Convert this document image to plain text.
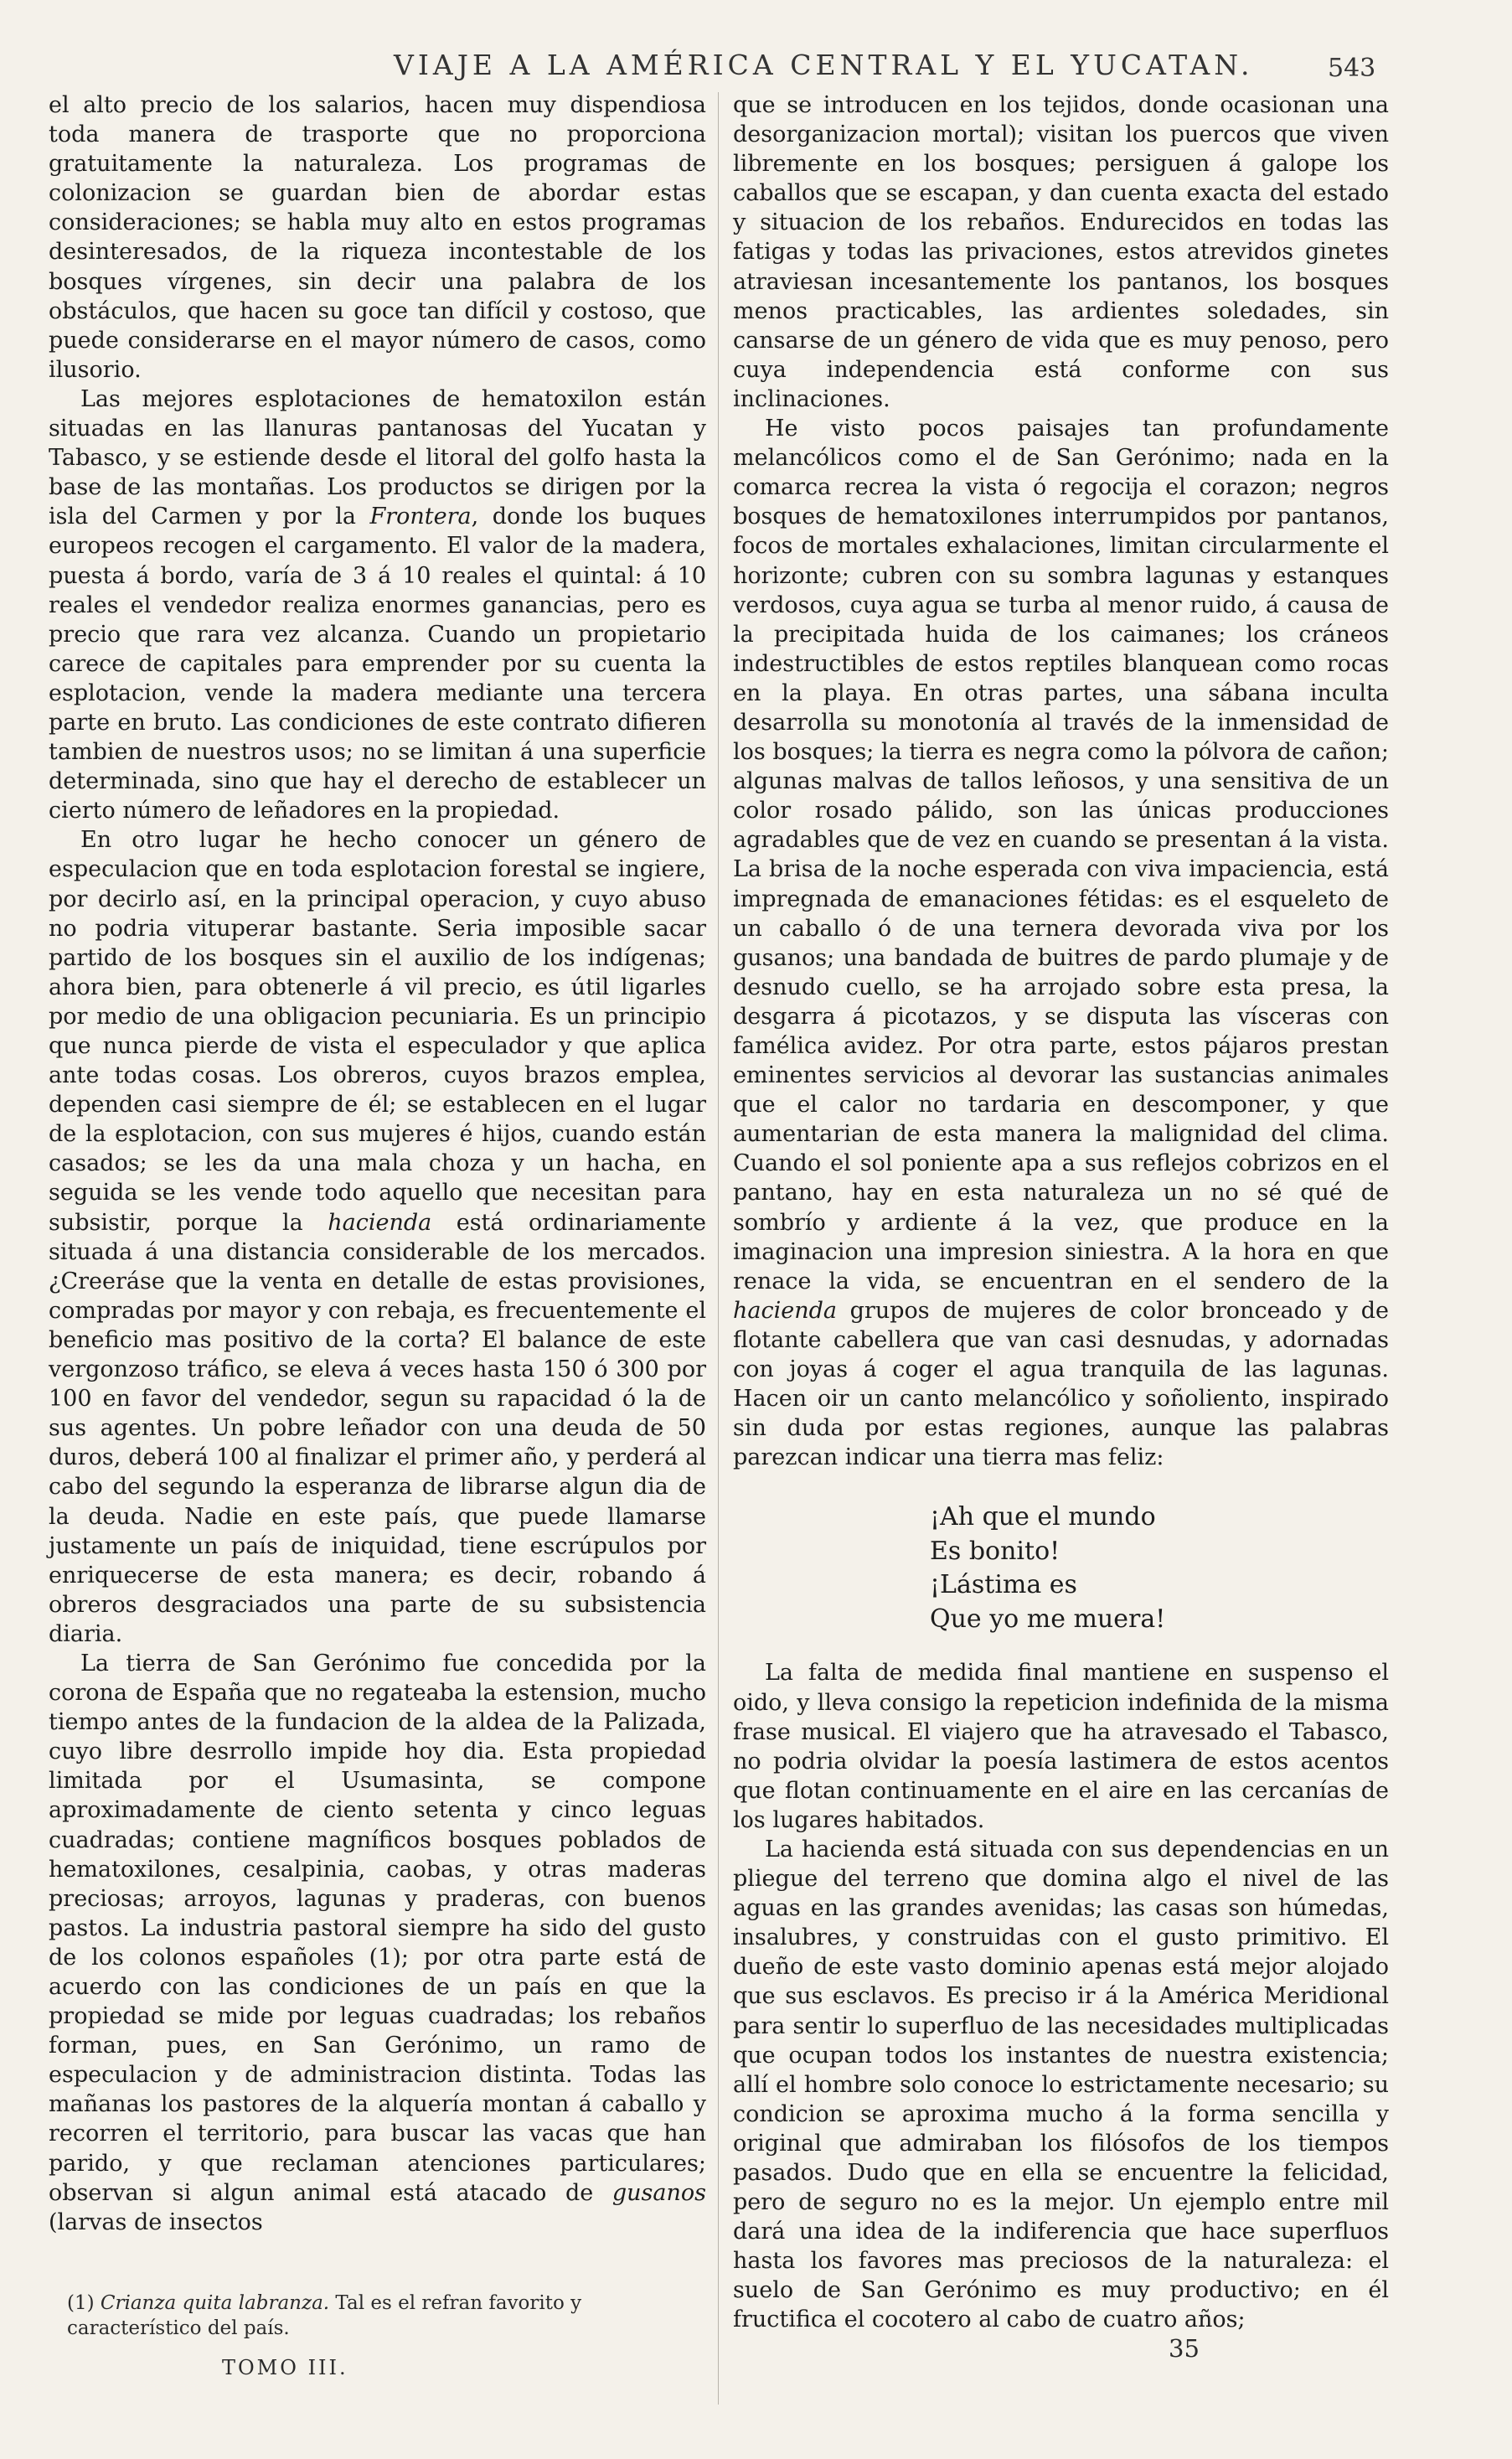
VIAJE A LA AMÉRICA CENTRAL Y EL YUCATAN.	543

el alto precio de los salarios, hacen muy dispendiosa toda manera de trasporte que no proporciona gratuitamente la naturaleza. Los programas de colonizacion se guardan bien de abordar estas consideraciones; se habla muy alto en estos programas desinteresados, de la riqueza incontestable de los bosques vírgenes, sin decir una palabra de los obstáculos, que hacen su goce tan difícil y costoso, que puede considerarse en el mayor número de casos, como ilusorio.

Las mejores esplotaciones de hematoxilon están situadas en las llanuras pantanosas del Yucatan y Tabasco, y se estiende desde el litoral del golfo hasta la base de las montañas. Los productos se dirigen por la isla del Carmen y por la Frontera, donde los buques europeos recogen el cargamento. El valor de la madera, puesta á bordo, varía de 3 á 10 reales el quintal: á 10 reales el vendedor realiza enormes ganancias, pero es precio que rara vez alcanza. Cuando un propietario carece de capitales para emprender por su cuenta la esplotacion, vende la madera mediante una tercera parte en bruto. Las condiciones de este contrato difieren tambien de nuestros usos; no se limitan á una superficie determinada, sino que hay el derecho de establecer un cierto número de leñadores en la propiedad.

En otro lugar he hecho conocer un género de especulacion que en toda esplotacion forestal se ingiere, por decirlo así, en la principal operacion, y cuyo abuso no podria vituperar bastante. Seria imposible sacar partido de los bosques sin el auxilio de los indígenas; ahora bien, para obtenerle á vil precio, es útil ligarles por medio de una obligacion pecuniaria. Es un principio que nunca pierde de vista el especulador y que aplica ante todas cosas. Los obreros, cuyos brazos emplea, dependen casi siempre de él; se establecen en el lugar de la esplotacion, con sus mujeres é hijos, cuando están casados; se les da una mala choza y un hacha, en seguida se les vende todo aquello que necesitan para subsistir, porque la hacienda está ordinariamente situada á una distancia considerable de los mercados. ¿Creeráse que la venta en detalle de estas provisiones, compradas por mayor y con rebaja, es frecuentemente el beneficio mas positivo de la corta? El balance de este vergonzoso tráfico, se eleva á veces hasta 150 ó 300 por 100 en favor del vendedor, segun su rapacidad ó la de sus agentes. Un pobre leñador con una deuda de 50 duros, deberá 100 al finalizar el primer año, y perderá al cabo del segundo la esperanza de librarse algun dia de la deuda. Nadie en este país, que puede llamarse justamente un país de iniquidad, tiene escrúpulos por enriquecerse de esta manera; es decir, robando á obreros desgraciados una parte de su subsistencia diaria.

La tierra de San Gerónimo fue concedida por la corona de España que no regateaba la estension, mucho tiempo antes de la fundacion de la aldea de la Palizada, cuyo libre desrrollo impide hoy dia. Esta propiedad limitada por el Usumasinta, se compone aproximadamente de ciento setenta y cinco leguas cuadradas; contiene magníficos bosques poblados de hematoxilones, cesalpinia, caobas, y otras maderas preciosas; arroyos, lagunas y praderas, con buenos pastos. La industria pastoral siempre ha sido del gusto de los colonos españoles (1); por otra parte está de acuerdo con las condiciones de un país en que la propiedad se mide por leguas cuadradas; los rebaños forman, pues, en San Gerónimo, un ramo de especulacion y de administracion distinta. Todas las mañanas los pastores de la alquería montan á caballo y recorren el territorio, para buscar las vacas que han parido, y que reclaman atenciones particulares; observan si algun animal está atacado de gusanos (larvas de insectos

que se introducen en los tejidos, donde ocasionan una desorganizacion mortal); visitan los puercos que viven libremente en los bosques; persiguen á galope los caballos que se escapan, y dan cuenta exacta del estado y situacion de los rebaños. Endurecidos en todas las fatigas y todas las privaciones, estos atrevidos ginetes atraviesan incesantemente los pantanos, los bosques menos practicables, las ardientes soledades, sin cansarse de un género de vida que es muy penoso, pero cuya independencia está conforme con sus inclinaciones.

He visto pocos paisajes tan profundamente melancólicos como el de San Gerónimo; nada en la comarca recrea la vista ó regocija el corazon; negros bosques de hematoxilones interrumpidos por pantanos, focos de mortales exhalaciones, limitan circularmente el horizonte; cubren con su sombra lagunas y estanques verdosos, cuya agua se turba al menor ruido, á causa de la precipitada huida de los caimanes; los cráneos indestructibles de estos reptiles blanquean como rocas en la playa. En otras partes, una sábana inculta desarrolla su monotonía al través de la inmensidad de los bosques; la tierra es negra como la pólvora de cañon; algunas malvas de tallos leñosos, y una sensitiva de un color rosado pálido, son las únicas producciones agradables que de vez en cuando se presentan á la vista. La brisa de la noche esperada con viva impaciencia, está impregnada de emanaciones fétidas: es el esqueleto de un caballo ó de una ternera devorada viva por los gusanos; una bandada de buitres de pardo plumaje y de desnudo cuello, se ha arrojado sobre esta presa, la desgarra á picotazos, y se disputa las vísceras con famélica avidez. Por otra parte, estos pájaros prestan eminentes servicios al devorar las sustancias animales que el calor no tardaria en descomponer, y que aumentarian de esta manera la malignidad del clima. Cuando el sol poniente apa a sus reflejos cobrizos en el pantano, hay en esta naturaleza un no sé qué de sombrío y ardiente á la vez, que produce en la imaginacion una impresion siniestra. A la hora en que renace la vida, se encuentran en el sendero de la hacienda grupos de mujeres de color bronceado y de flotante cabellera que van casi desnudas, y adornadas con joyas á coger el agua tranquila de las lagunas. Hacen oir un canto melancólico y soñoliento, inspirado sin duda por estas regiones, aunque las palabras parezcan indicar una tierra mas feliz:

¡Ah que el mundo
Es bonito!
¡Lástima es
Que yo me muera!

La falta de medida final mantiene en suspenso el oido, y lleva consigo la repeticion indefinida de la misma frase musical. El viajero que ha atravesado el Tabasco, no podria olvidar la poesía lastimera de estos acentos que flotan continuamente en el aire en las cercanías de los lugares habitados.

La hacienda está situada con sus dependencias en un pliegue del terreno que domina algo el nivel de las aguas en las grandes avenidas; las casas son húmedas, insalubres, y construidas con el gusto primitivo. El dueño de este vasto dominio apenas está mejor alojado que sus esclavos. Es preciso ir á la América Meridional para sentir lo superfluo de las necesidades multiplicadas que ocupan todos los instantes de nuestra existencia; allí el hombre solo conoce lo estrictamente necesario; su condicion se aproxima mucho á la forma sencilla y original que admiraban los filósofos de los tiempos pasados. Dudo que en ella se encuentre la felicidad, pero de seguro no es la mejor. Un ejemplo entre mil dará una idea de la indiferencia que hace superfluos hasta los favores mas preciosos de la naturaleza: el suelo de San Gerónimo es muy productivo; en él fructifica el cocotero al cabo de cuatro años;

(1) Crianza quita labranza. Tal es el refran favorito y característico del país.
TOMO III.
35
